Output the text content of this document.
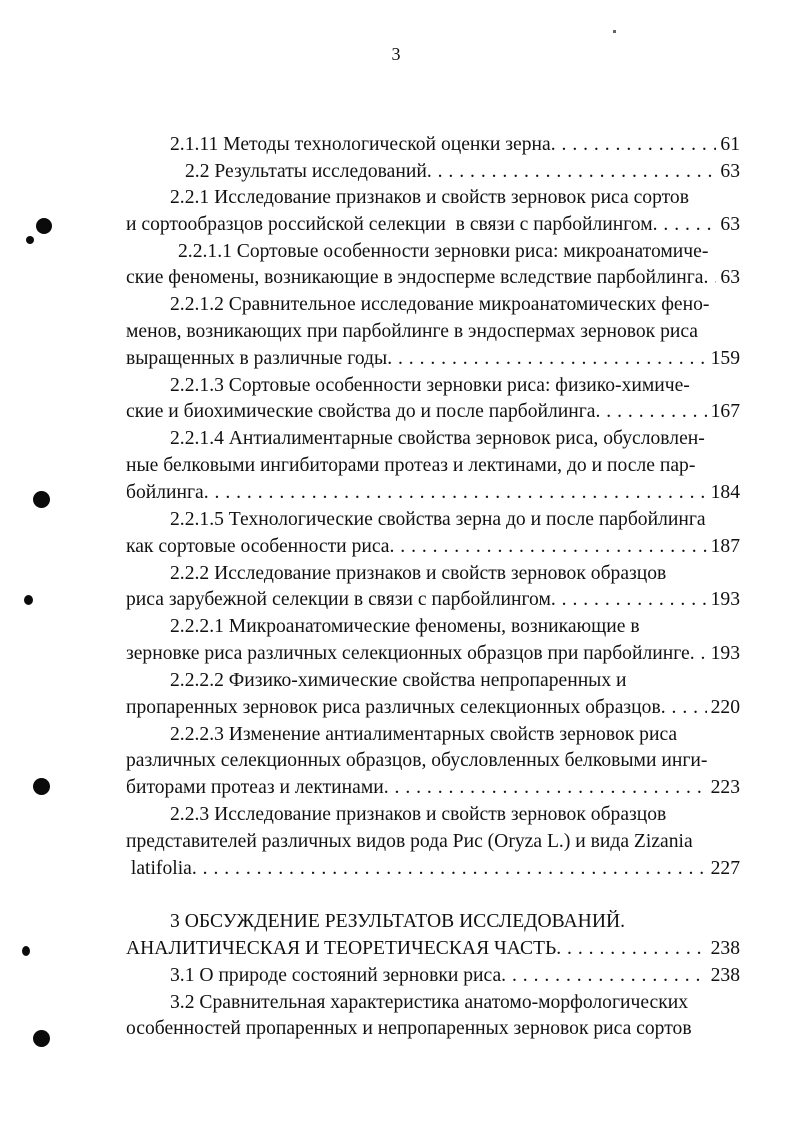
3
2.1.11 Методы технологической оценки зерна . . .	61
2.2 Результаты исследований . . .	63
2.2.1 Исследование признаков и свойств зерновок риса сортов
и сортообразцов российской селекции  в связи с парбойлингом . . .	63
2.2.1.1 Сортовые особенности зерновки риса: микроанатомиче-
ские феномены, возникающие в эндосперме вследствие парбойлинга . . . 63
2.2.1.2 Сравнительное исследование микроанатомических фено-
менов, возникающих при парбойлинге в эндоспермах зерновок риса
выращенных в различные годы . . .	159
2.2.1.3 Сортовые особенности зерновки риса: физико-химиче-
ские и биохимические свойства до и после парбойлинга . . .	167
2.2.1.4 Антиалиментарные свойства зерновок риса, обусловлен-
ные белковыми ингибиторами протеаз и лектинами, до и после пар-
бойлинга . . .	184
2.2.1.5 Технологические свойства зерна до и после парбойлинга
как сортовые особенности риса . . .	187
2.2.2 Исследование признаков и свойств зерновок образцов
риса зарубежной селекции в связи с парбойлингом . . .	193
2.2.2.1 Микроанатомические феномены, возникающие в
зерновке риса различных селекционных образцов при парбойлинге . . . 193
2.2.2.2 Физико-химические свойства непропаренных и
пропаренных зерновок риса различных селекционных образцов . . .	220
2.2.2.3 Изменение антиалиментарных свойств зерновок риса
различных селекционных образцов, обусловленных белковыми инги-
биторами протеаз и лектинами . . .	223
2.2.3 Исследование признаков и свойств зерновок образцов
представителей различных видов рода Рис (Oryza L.) и вида Zizania
latifolia . . .	227
3 ОБСУЖДЕНИЕ РЕЗУЛЬТАТОВ ИССЛЕДОВАНИЙ.
АНАЛИТИЧЕСКАЯ И ТЕОРЕТИЧЕСКАЯ ЧАСТЬ . . .	238
3.1 О природе состояний зерновки риса . . .	238
3.2 Сравнительная характеристика анатомо-морфологических
особенностей пропаренных и непропаренных зерновок риса сортов
